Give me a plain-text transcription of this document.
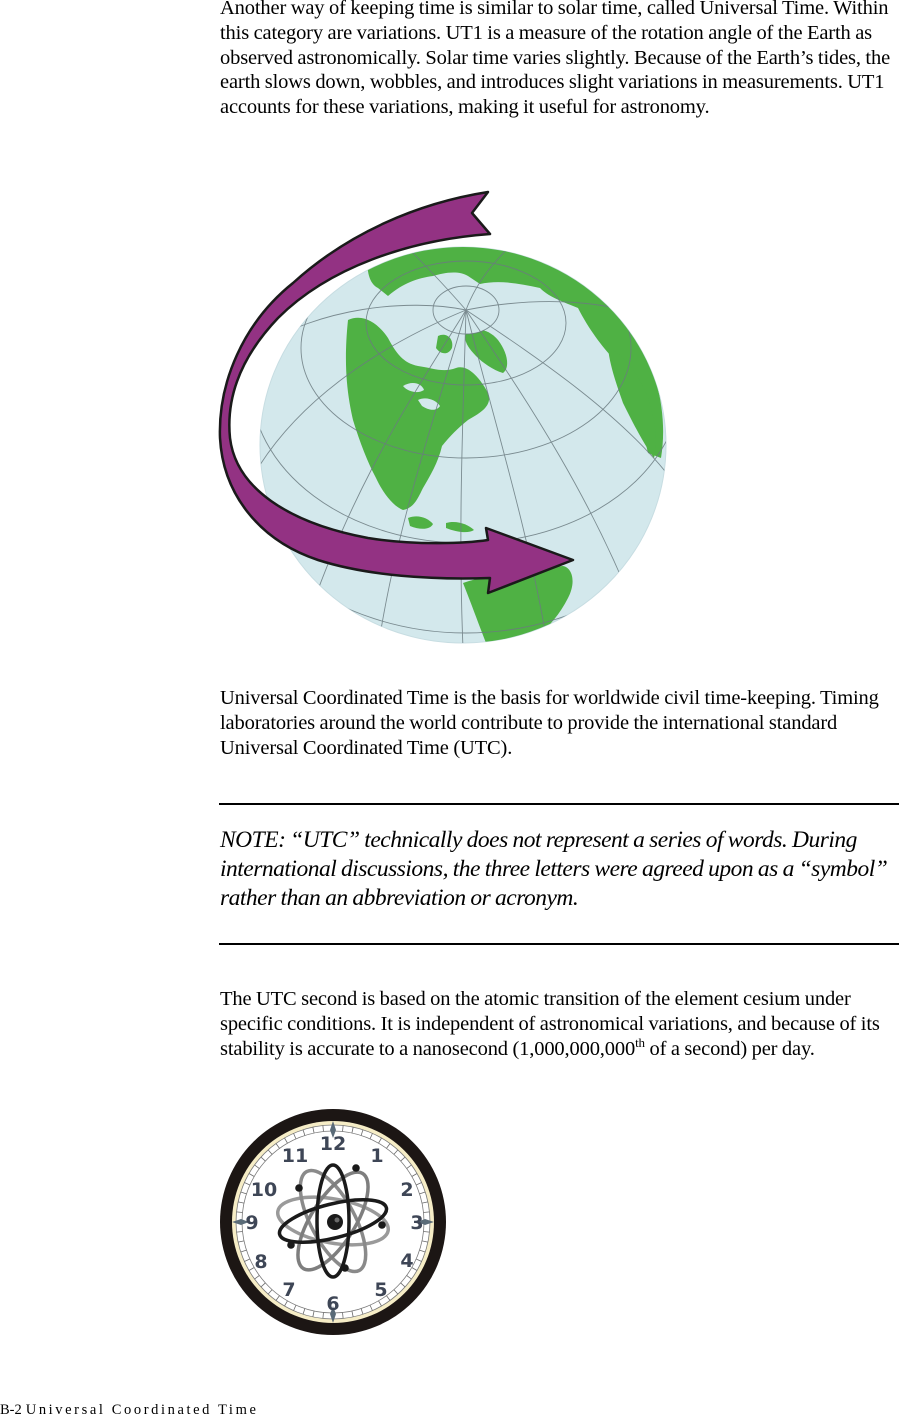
Another way of keeping time is similar to solar time, called Universal Time. Within this category are variations. UT1 is a measure of the rotation angle of the Earth as observed astronomically. Solar time varies slightly. Because of the Earth’s tides, the earth slows down, wobbles, and introduces slight variations in measurements. UT1 accounts for these variations, making it useful for astronomy.

Universal Coordinated Time is the basis for worldwide civil time-keeping. Timing laboratories around the world contribute to provide the international standard Universal Coordinated Time (UTC).

NOTE: “UTC” technically does not represent a series of words. During international discussions, the three letters were agreed upon as a “symbol” rather than an abbreviation or acronym.

The UTC second is based on the atomic transition of the element cesium under specific conditions. It is independent of astronomical variations, and because of its stability is accurate to a nanosecond (1,000,000,000th of a second) per day.

12
1
2
3
4
5
6
7
8
9
10
11
B-2 Universal Coordinated Time
